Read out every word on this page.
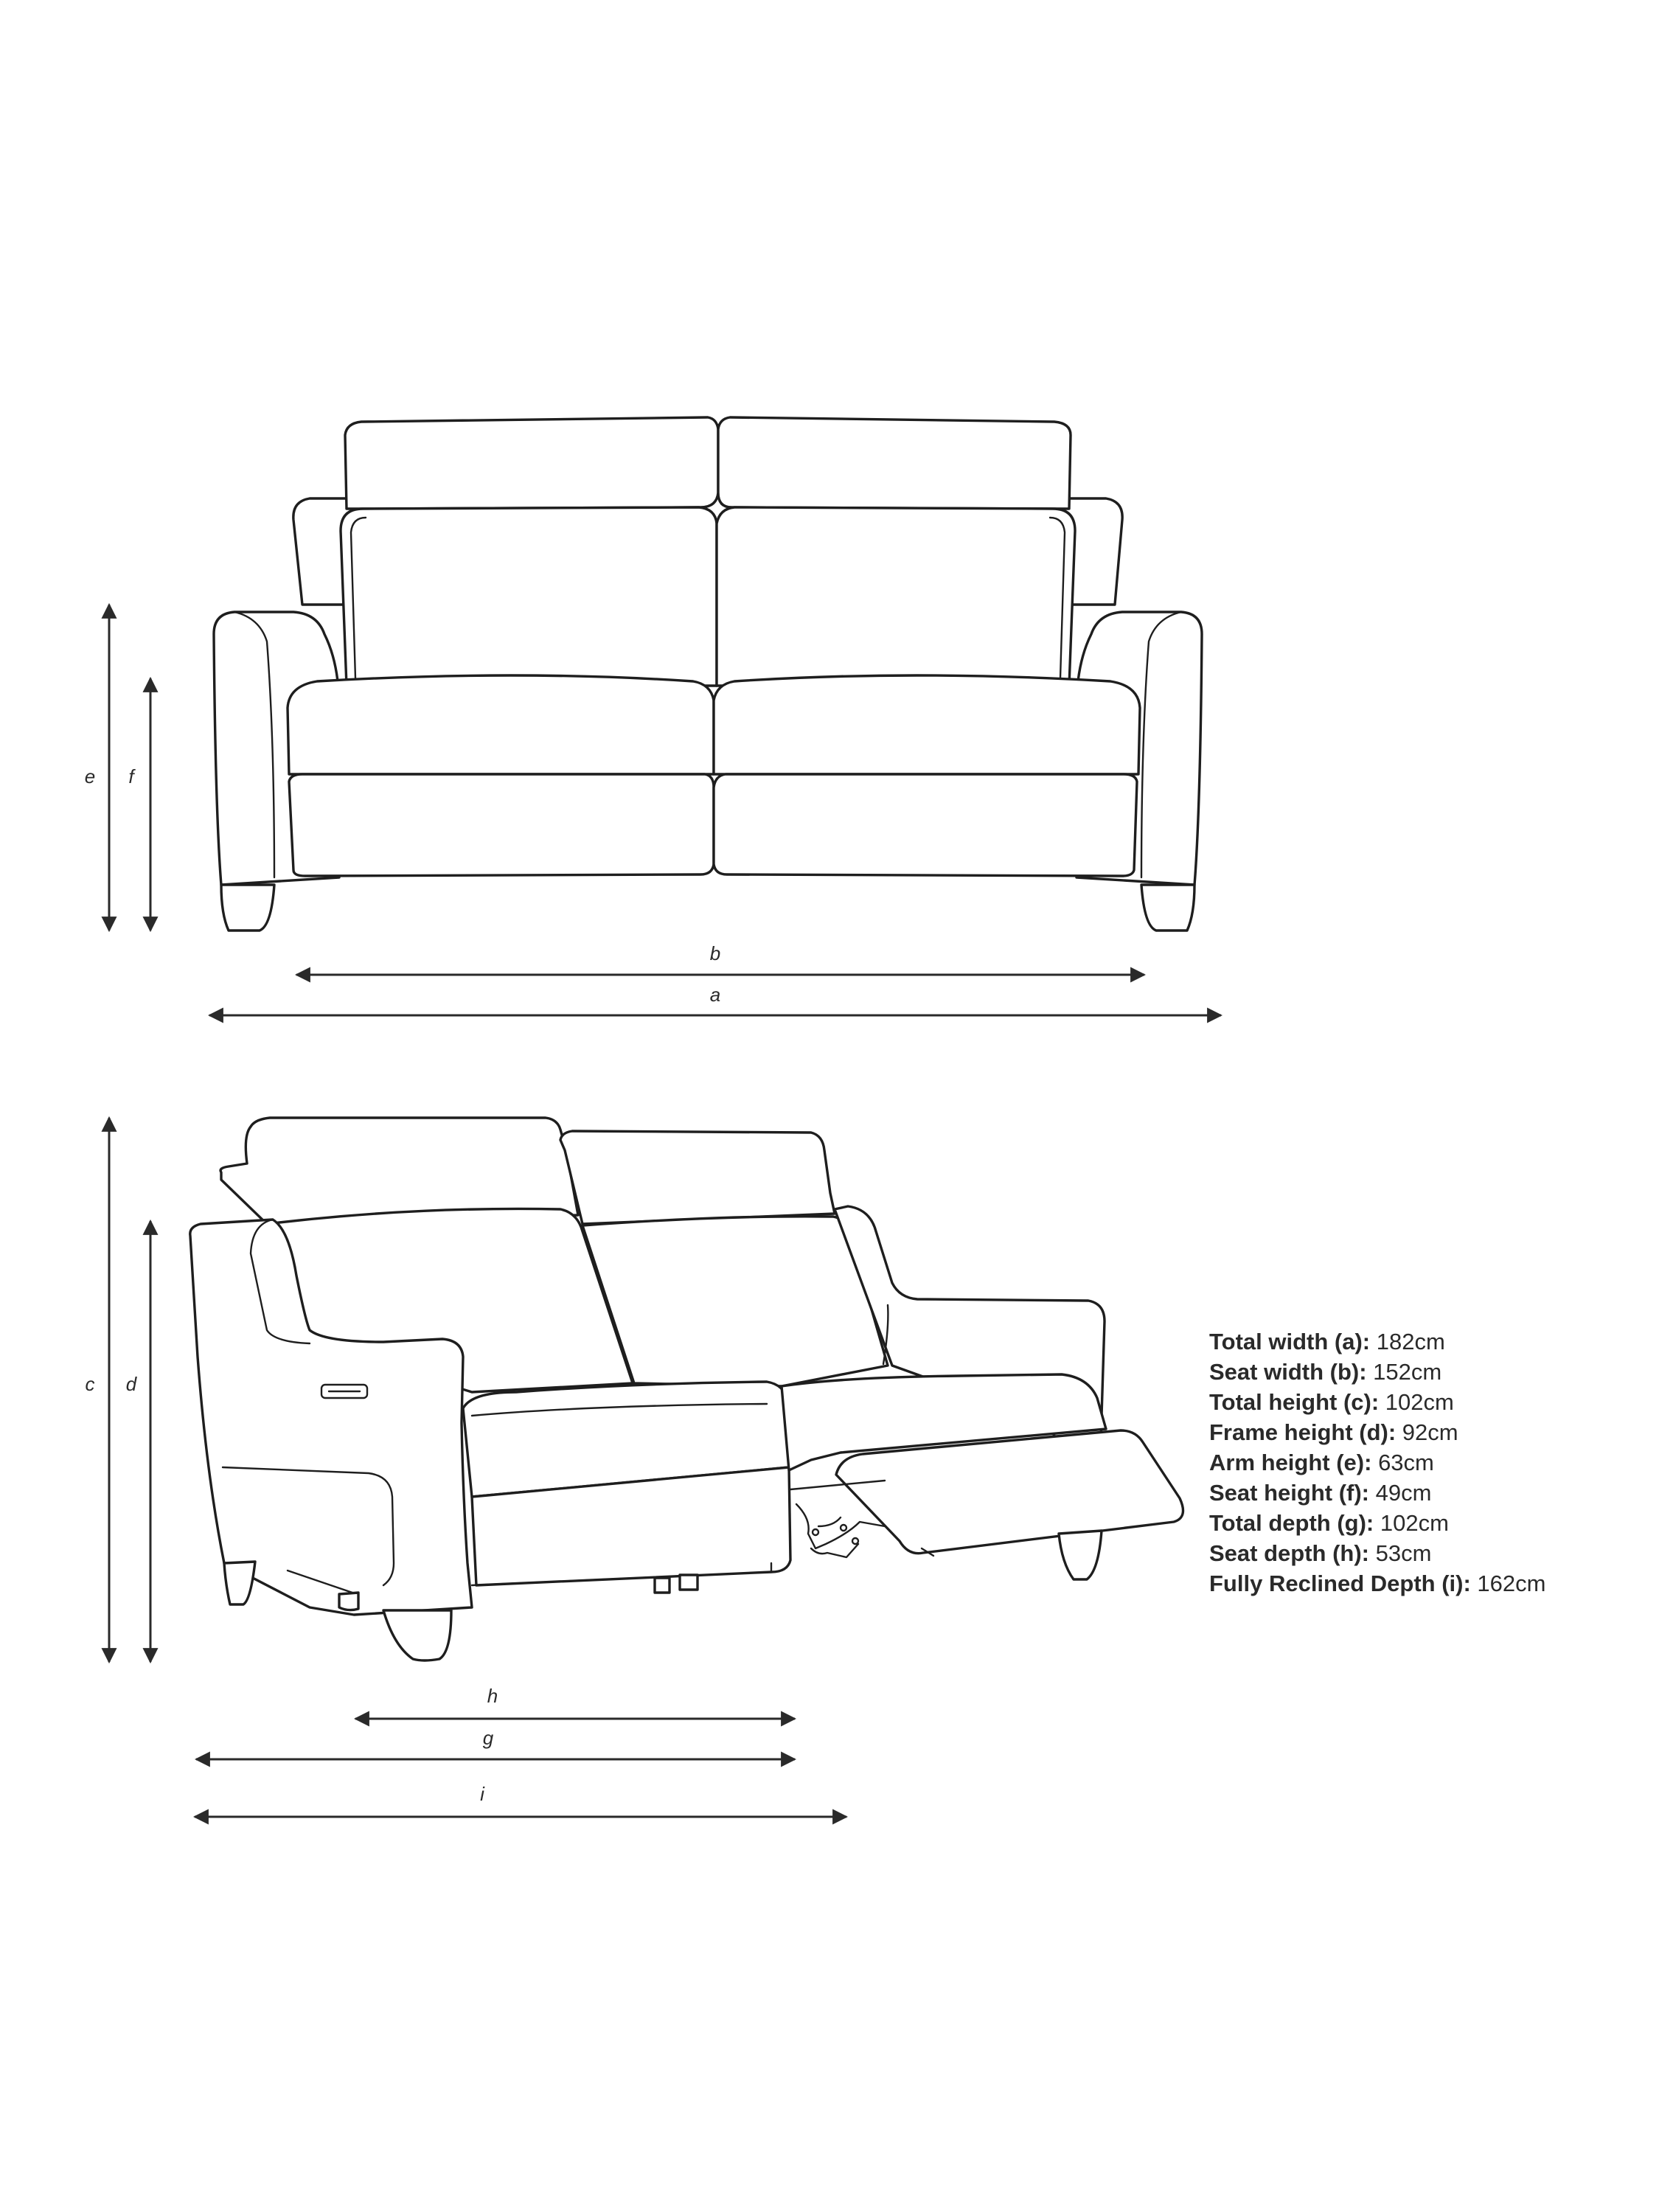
e f
b
a
c d
h
g
i
Total width (a): 182cm
Seat width (b): 152cm
Total height (c): 102cm
Frame height (d): 92cm
Arm height (e): 63cm
Seat height (f): 49cm
Total depth (g): 102cm
Seat depth (h): 53cm
Fully Reclined Depth (i): 162cm
